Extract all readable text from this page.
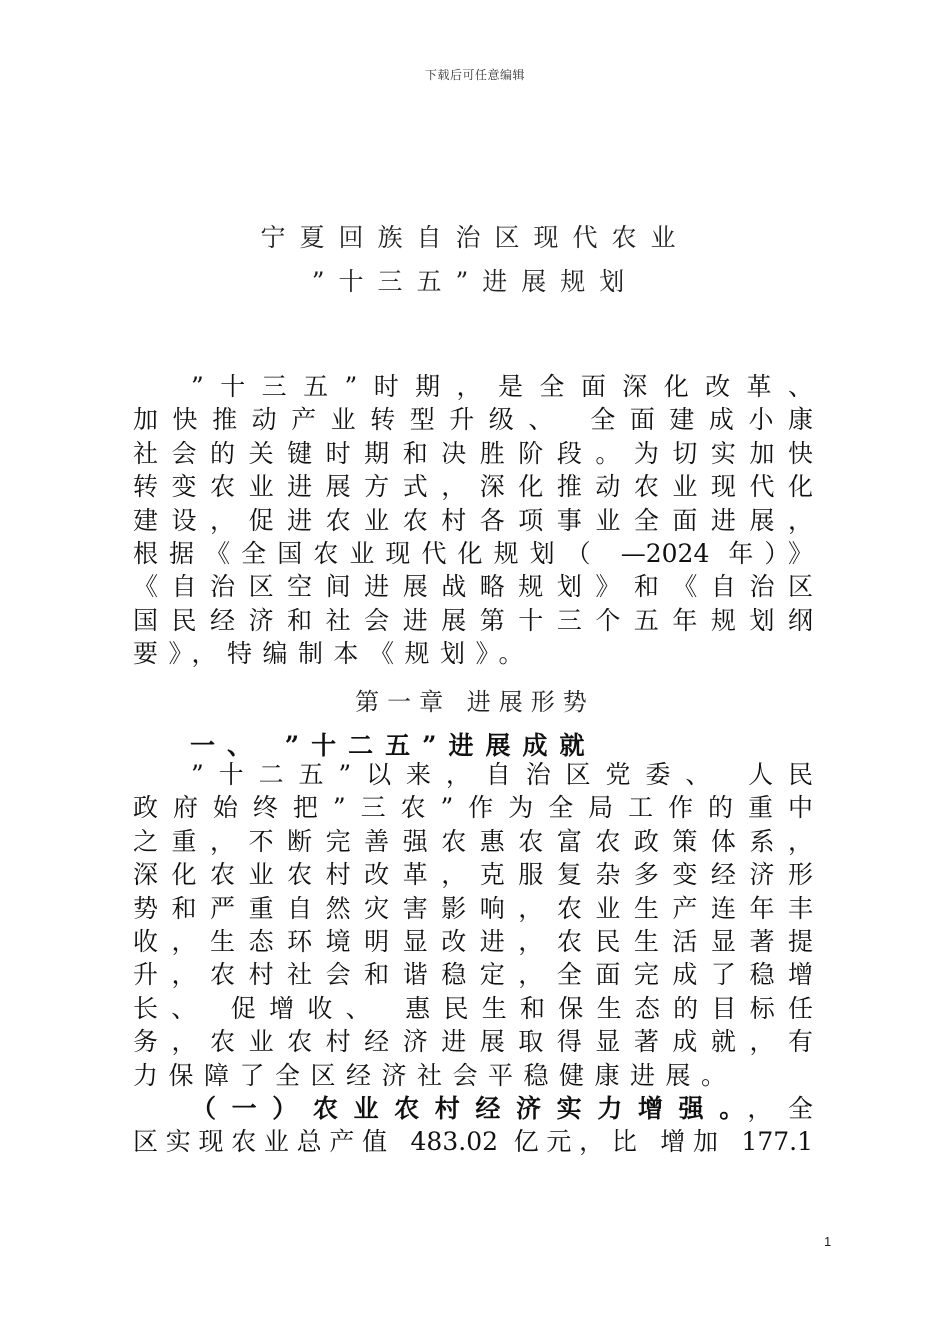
下载后可任意编辑
宁夏回族自治区现代农业
”十三五”进展规划
”十三五”时期，是全面深化改革、
加快推动产业转型升级、 全面建成小康
社会的关键时期和决胜阶段。为切实加快
转变农业进展方式，深化推动农业现代化
建设，促进农业农村各项事业全面进展，
根据《全国农业现代化规划（ —2024 年）》
《自治区空间进展战略规划》和《自治区
国民经济和社会进展第十三个五年规划纲
要》，特编制本《规划》。
第一章 进展形势
一、 ”十二五”进展成就
”十二五”以来，自治区党委、 人民
政府始终把”三农”作为全局工作的重中
之重，不断完善强农惠农富农政策体系，
深化农业农村改革，克服复杂多变经济形
势和严重自然灾害影响，农业生产连年丰
收，生态环境明显改进，农民生活显著提
升，农村社会和谐稳定，全面完成了稳增
长、 促增收、 惠民生和保生态的目标任
务，农业农村经济进展取得显著成就，有
力保障了全区经济社会平稳健康进展。
（一）农业农村经济实力增强。，全
区实现农业总产值 483.02 亿元，比 增加 177.1
1
